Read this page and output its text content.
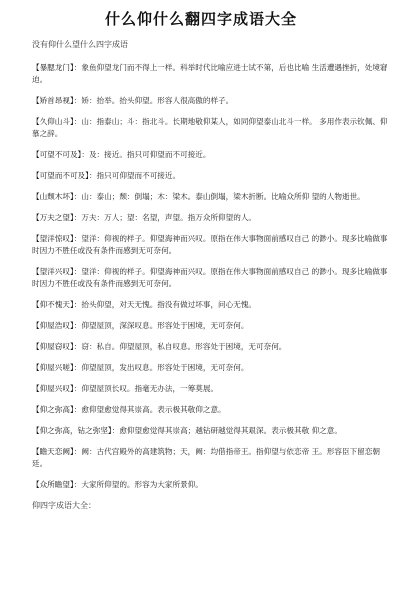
什么仰什么翻四字成语大全
没有仰什么望什么四字成语
【暴腮龙门】：象鱼仰望龙门而不得上一样。科举时代比喻应进士试不第，后也比喻 生活遭遇挫折，处境窘迫。
【矫首昂视】：矫：抬举。抬头仰望。形容人很高傲的样子。
【久仰山斗】：山：指泰山；斗：指北斗。长期地敬仰某人，如同仰望泰山北斗一样。 多用作表示钦佩、仰慕之辞。
【可望不可及】：及：接近。指只可仰望而不可接近。
【可望而不可及】：指只可仰望而不可接近。
【山颓木坏】：山：泰山；颓：倒塌；木：梁木。泰山倒塌，梁木折断。比喻众所仰 望的人物逝世。
【万夫之望】：万夫：万人；望：名望，声望。指万众所仰望的人。
【望洋惊叹】：望洋：仰视的样子。仰望海神而兴叹。原指在伟大事物面前感叹自己 的渺小。现多比喻做事时因力不胜任或没有条件而感到无可奈何。
【望洋兴叹】：望洋：仰视的样子。仰望海神而兴叹。原指在伟大事物面前感叹自己 的渺小。现多比喻做事时因力不胜任或没有条件而感到无可奈何。
【仰不愧天】：抬头仰望，对天无愧。指没有做过坏事，问心无愧。
【仰屋浩叹】：仰望屋顶，深深叹息。形容处于困境，无可奈何。
【仰屋窃叹】：窃：私自。仰望屋顶，私自叹息。形容处于困境，无可奈何。
【仰屋兴嗟】：仰望屋顶，发出叹息。形容处于困境，无可奈何。
【仰屋兴叹】：仰望屋顶长叹。指毫无办法，一筹莫展。
【仰之弥高】：愈仰望愈觉得其崇高。表示极其敬仰之意。
【仰之弥高，钻之弥坚】：愈仰望愈觉得其崇高；越钻研越觉得其艰深。表示极其敬 仰之意。
【瞻天恋阙】：阙：古代宫殿外的高建筑物；天，阙：均借指帝王。指仰望与依恋帝 王。形容臣下留恋朝廷。
【众所瞻望】：大家所仰望的。形容为大家所景仰。
仰四字成语大全：
